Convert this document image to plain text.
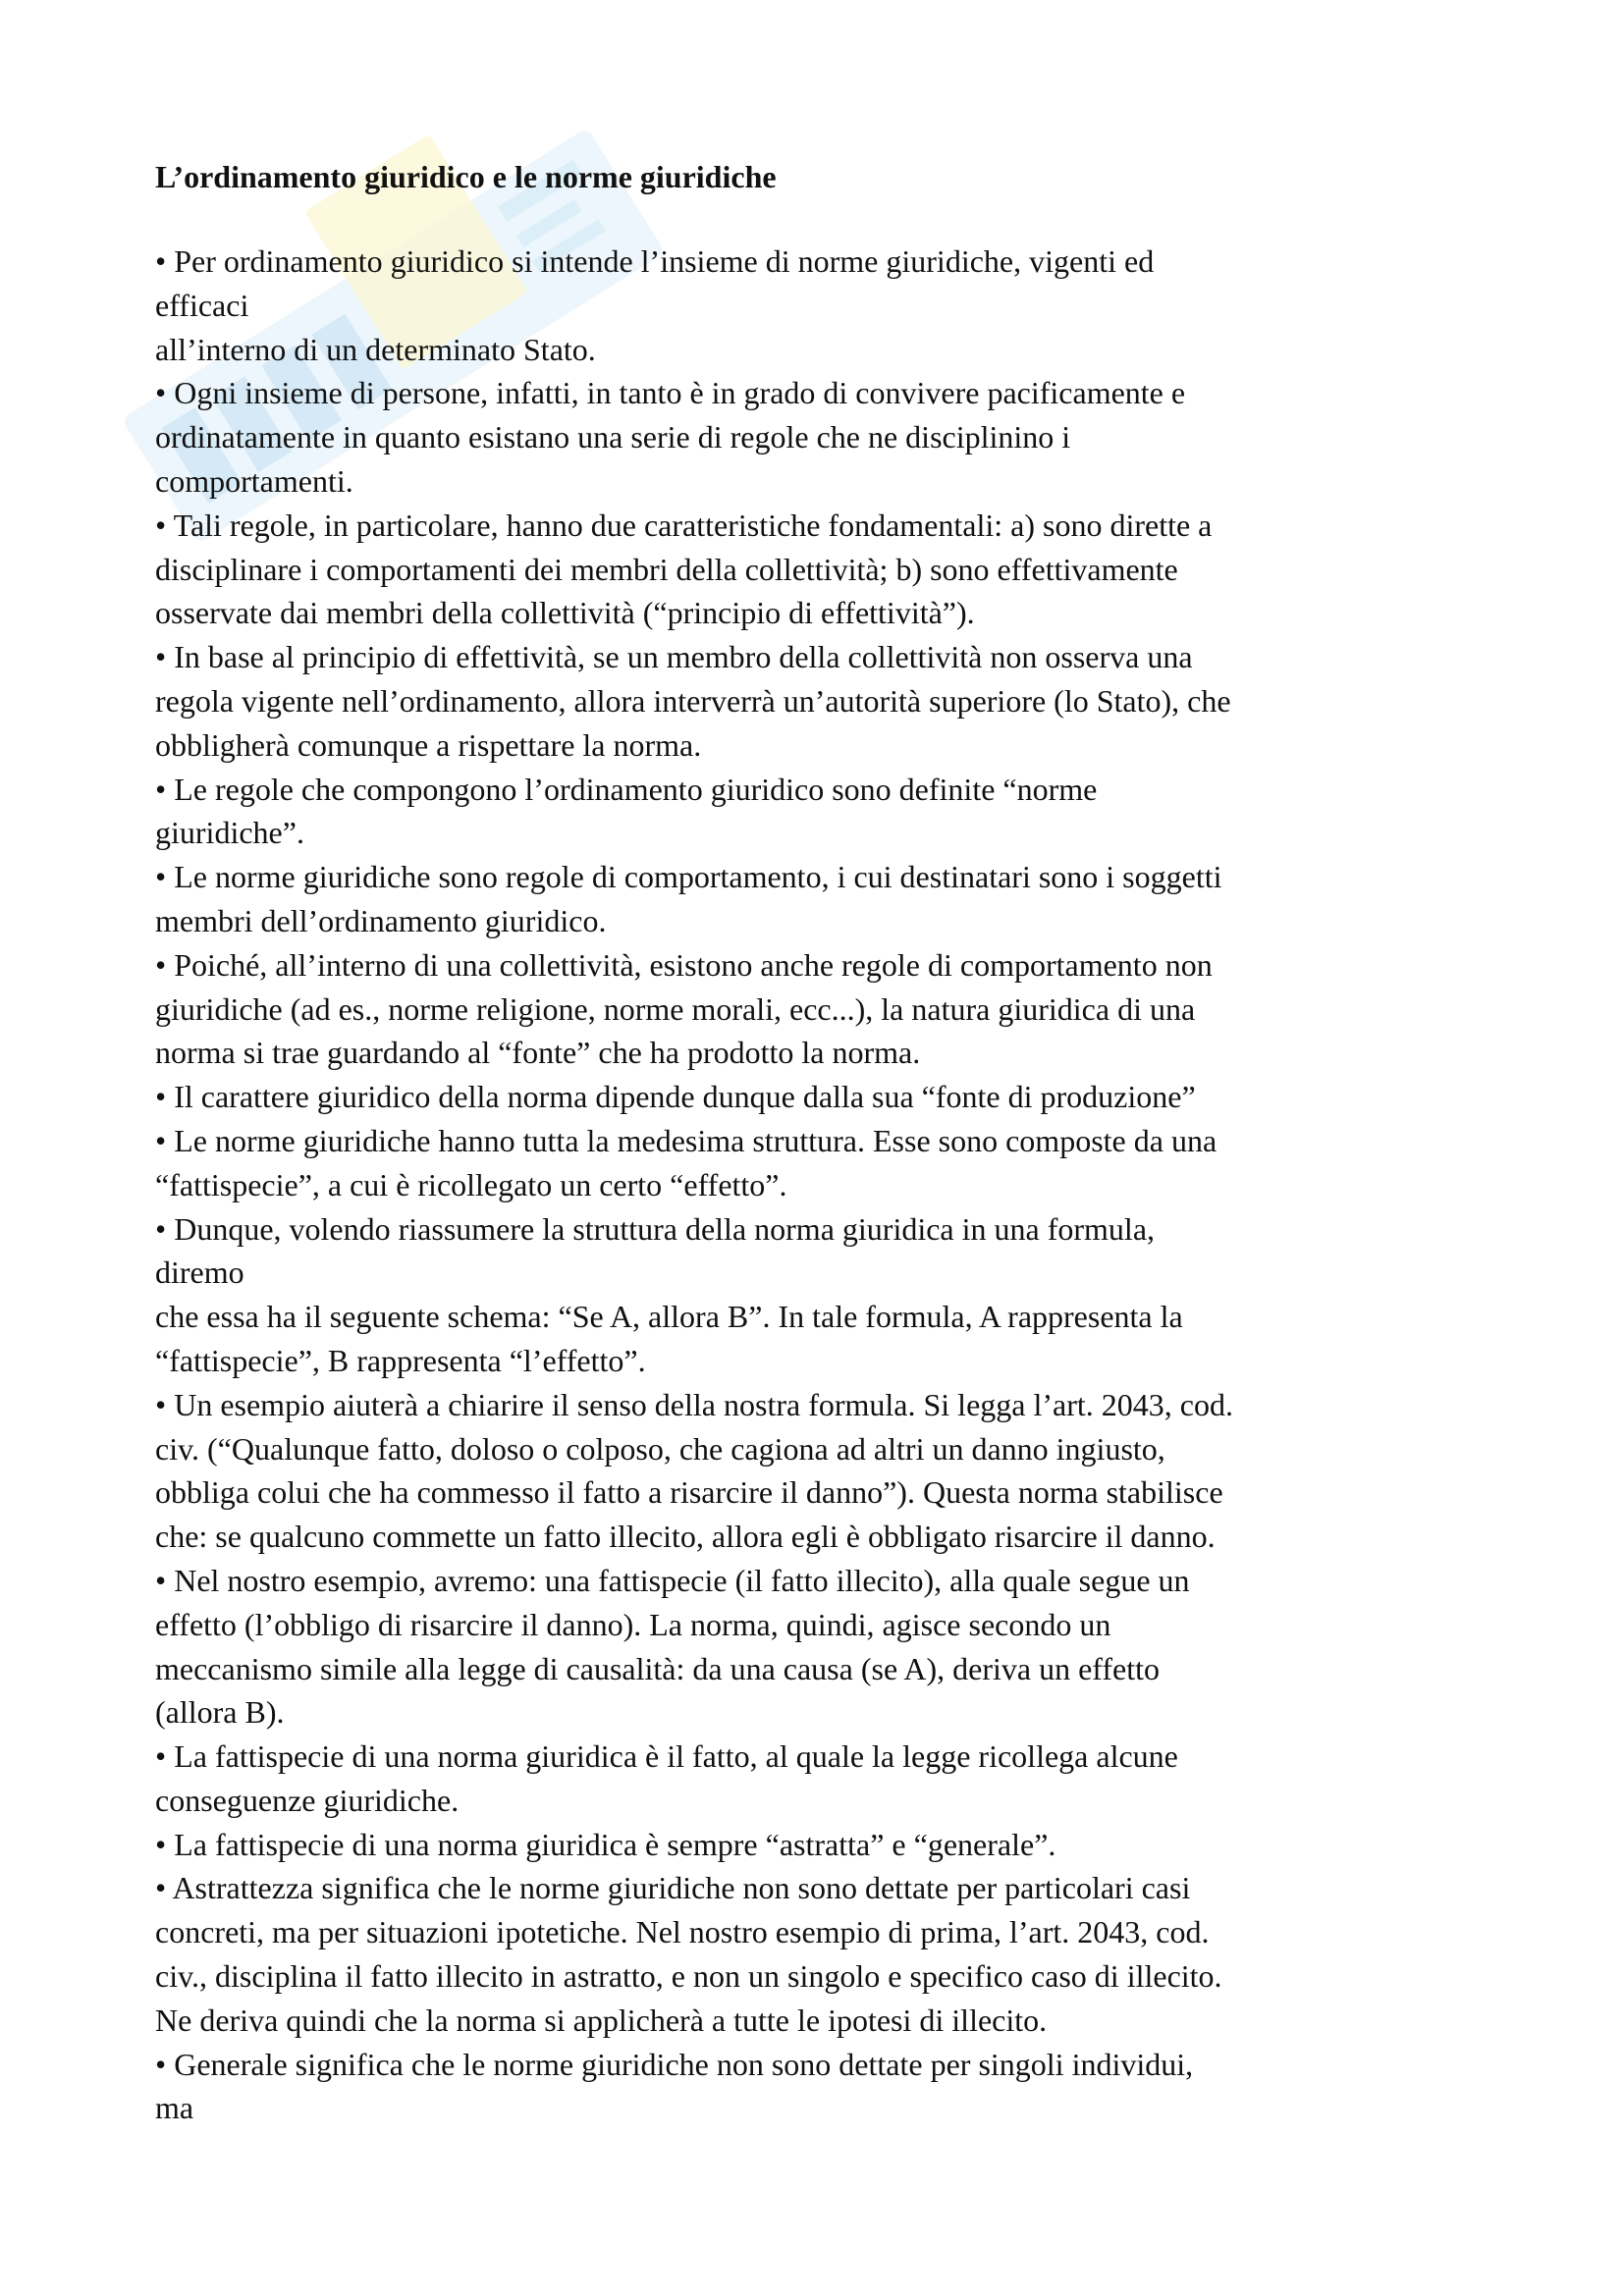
L’ordinamento giuridico e le norme giuridiche

• Per ordinamento giuridico si intende l’insieme di norme giuridiche, vigenti ed
efficaci
all’interno di un determinato Stato.

• Ogni insieme di persone, infatti, in tanto è in grado di convivere pacificamente e
ordinatamente in quanto esistano una serie di regole che ne disciplinino i
comportamenti.

• Tali regole, in particolare, hanno due caratteristiche fondamentali: a) sono dirette a
disciplinare i comportamenti dei membri della collettività; b) sono effettivamente
osservate dai membri della collettività (“principio di effettività”).

• In base al principio di effettività, se un membro della collettività non osserva una
regola vigente nell’ordinamento, allora interverrà un’autorità superiore (lo Stato), che
obbligherà comunque a rispettare la norma.

• Le regole che compongono l’ordinamento giuridico sono definite “norme
giuridiche”.

• Le norme giuridiche sono regole di comportamento, i cui destinatari sono i soggetti
membri dell’ordinamento giuridico.

• Poiché, all’interno di una collettività, esistono anche regole di comportamento non
giuridiche (ad es., norme religione, norme morali, ecc...), la natura giuridica di una
norma si trae guardando al “fonte” che ha prodotto la norma.

• Il carattere giuridico della norma dipende dunque dalla sua “fonte di produzione”

• Le norme giuridiche hanno tutta la medesima struttura. Esse sono composte da una
“fattispecie”, a cui è ricollegato un certo “effetto”.

• Dunque, volendo riassumere la struttura della norma giuridica in una formula,
diremo
che essa ha il seguente schema: “Se A, allora B”. In tale formula, A rappresenta la
“fattispecie”, B rappresenta “l’effetto”.

• Un esempio aiuterà a chiarire il senso della nostra formula. Si legga l’art. 2043, cod.
civ. (“Qualunque fatto, doloso o colposo, che cagiona ad altri un danno ingiusto,
obbliga colui che ha commesso il fatto a risarcire il danno”). Questa norma stabilisce
che: se qualcuno commette un fatto illecito, allora egli è obbligato risarcire il danno.

• Nel nostro esempio, avremo: una fattispecie (il fatto illecito), alla quale segue un
effetto (l’obbligo di risarcire il danno). La norma, quindi, agisce secondo un
meccanismo simile alla legge di causalità: da una causa (se A), deriva un effetto
(allora B).

• La fattispecie di una norma giuridica è il fatto, al quale la legge ricollega alcune
conseguenze giuridiche.

• La fattispecie di una norma giuridica è sempre “astratta” e “generale”.

• Astrattezza significa che le norme giuridiche non sono dettate per particolari casi
concreti, ma per situazioni ipotetiche. Nel nostro esempio di prima, l’art. 2043, cod.
civ., disciplina il fatto illecito in astratto, e non un singolo e specifico caso di illecito.
Ne deriva quindi che la norma si applicherà a tutte le ipotesi di illecito.

• Generale significa che le norme giuridiche non sono dettate per singoli individui,
ma
